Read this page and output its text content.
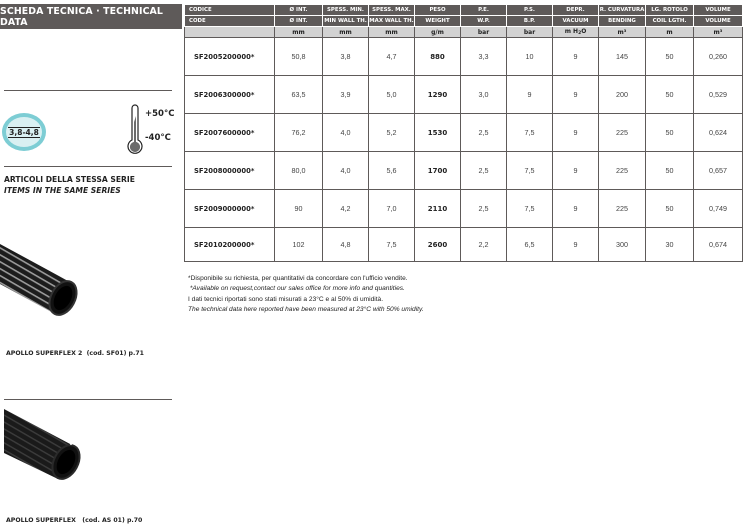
SCHEDA TECNICA · TECHNICAL DATA
3,8-4,8
+50°C
-40°C
ARTICOLI DELLA STESSA SERIE
ITEMS IN THE SAME SERIES
APOLLO SUPERFLEX 2  (cod. SF01) p.71
APOLLO SUPERFLEX   (cod. AS 01) p.70
CODICE	Ø INT.	SPESS. MIN.	SPESS. MAX.	PESO	P.E.	P.S.	DEPR.	R. CURVATURA	LG. ROTOLO	VOLUME
CODE	Ø INT.	MIN WALL TH.	MAX WALL TH.	WEIGHT	W.P.	B.P.	VACUUM	BENDING	COIL LGTH.	VOLUME
	mm	mm	mm	g/m	bar	bar	m $H_2O$	m³	m	m³
SF2005200000*	50,8	3,8	4,7	880	3,3	10	9	145	50	0,260
SF2006300000*	63,5	3,9	5,0	1290	3,0	9	9	200	50	0,529
SF2007600000*	76,2	4,0	5,2	1530	2,5	7,5	9	225	50	0,624
SF2008000000*	80,0	4,0	5,6	1700	2,5	7,5	9	225	50	0,657
SF2009000000*	90	4,2	7,0	2110	2,5	7,5	9	225	50	0,749
SF2010200000*	102	4,8	7,5	2600	2,2	6,5	9	300	30	0,674
*Disponibile su richiesta, per quantitativi da concordare con l'ufficio vendite.
*Available on request,contact our sales office for more info and quantities.
I dati tecnici riportati sono stati misurati a 23°C e al 50% di umidità.
The technical data here reported have been measured at 23°C with 50% umidity.
